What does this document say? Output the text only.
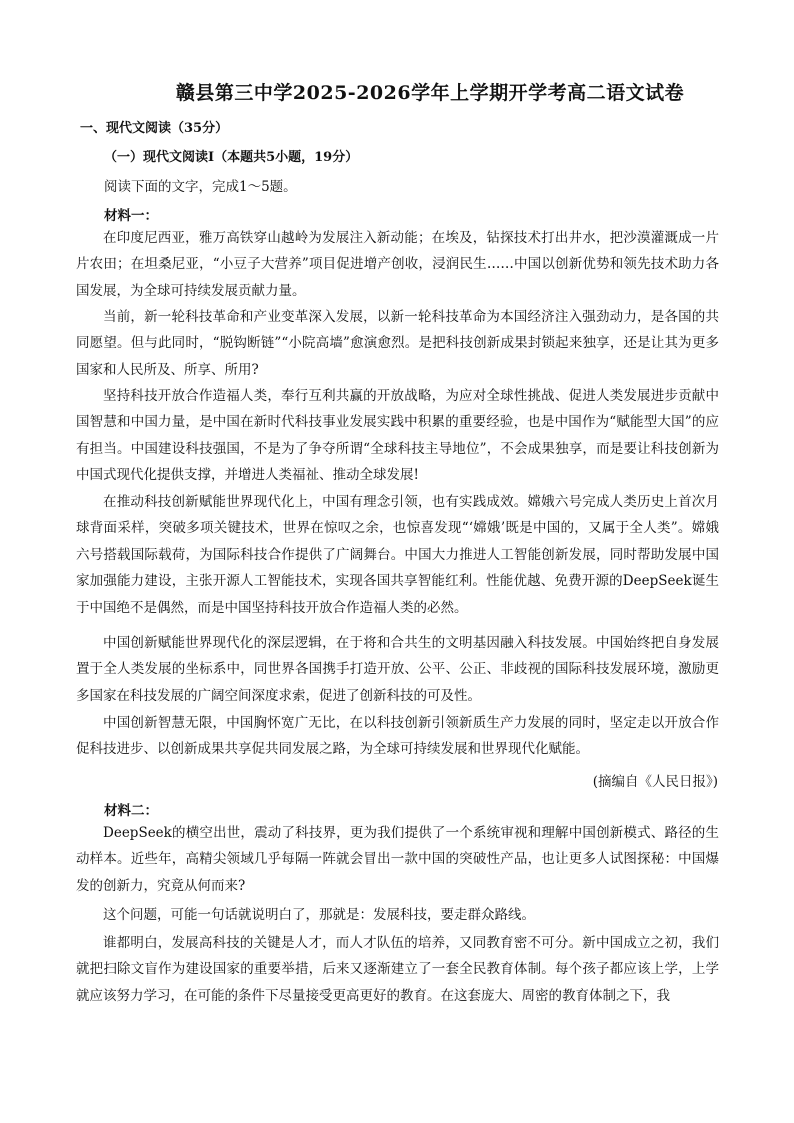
赣县第三中学2025-2026学年上学期开学考高二语文试卷
一、现代文阅读（35分）
（一）现代文阅读Ⅰ（本题共5小题，19分）
阅读下面的文字，完成1～5题。
材料一：

在印度尼西亚，雅万高铁穿山越岭为发展注入新动能；在埃及，钻探技术打出井水，把沙漠灌溉成一片片农田；在坦桑尼亚，“小豆子大营养”项目促进增产创收，浸润民生……中国以创新优势和领先技术助力各国发展，为全球可持续发展贡献力量。

当前，新一轮科技革命和产业变革深入发展，以新一轮科技革命为本国经济注入强劲动力，是各国的共同愿望。但与此同时，“脱钩断链”“小院高墙”愈演愈烈。是把科技创新成果封锁起来独享，还是让其为更多国家和人民所及、所享、所用?

坚持科技开放合作造福人类，奉行互利共赢的开放战略，为应对全球性挑战、促进人类发展进步贡献中国智慧和中国力量，是中国在新时代科技事业发展实践中积累的重要经验，也是中国作为“赋能型大国”的应有担当。中国建设科技强国，不是为了争夺所谓“全球科技主导地位”，不会成果独享，而是要让科技创新为中国式现代化提供支撑，并增进人类福祉、推动全球发展!

在推动科技创新赋能世界现代化上，中国有理念引领，也有实践成效。嫦娥六号完成人类历史上首次月球背面采样，突破多项关键技术，世界在惊叹之余，也惊喜发现“‘嫦娥’既是中国的，又属于全人类”。嫦娥六号搭载国际载荷，为国际科技合作提供了广阔舞台。中国大力推进人工智能创新发展，同时帮助发展中国家加强能力建设，主张开源人工智能技术，实现各国共享智能红利。性能优越、免费开源的DeepSeek诞生于中国绝不是偶然，而是中国坚持科技开放合作造福人类的必然。

中国创新赋能世界现代化的深层逻辑，在于将和合共生的文明基因融入科技发展。中国始终把自身发展置于全人类发展的坐标系中，同世界各国携手打造开放、公平、公正、非歧视的国际科技发展环境，激励更多国家在科技发展的广阔空间深度求索，促进了创新科技的可及性。

中国创新智慧无限，中国胸怀宽广无比，在以科技创新引领新质生产力发展的同时，坚定走以开放合作促科技进步、以创新成果共享促共同发展之路，为全球可持续发展和世界现代化赋能。

(摘编自《人民日报》)
材料二：

DeepSeek的横空出世，震动了科技界，更为我们提供了一个系统审视和理解中国创新模式、路径的生动样本。近些年，高精尖领域几乎每隔一阵就会冒出一款中国的突破性产品，也让更多人试图探秘：中国爆发的创新力，究竟从何而来?

这个问题，可能一句话就说明白了，那就是：发展科技，要走群众路线。

谁都明白，发展高科技的关键是人才，而人才队伍的培养，又同教育密不可分。新中国成立之初，我们就把扫除文盲作为建设国家的重要举措，后来又逐渐建立了一套全民教育体制。每个孩子都应该上学，上学就应该努力学习，在可能的条件下尽量接受更高更好的教育。在这套庞大、周密的教育体制之下，我
